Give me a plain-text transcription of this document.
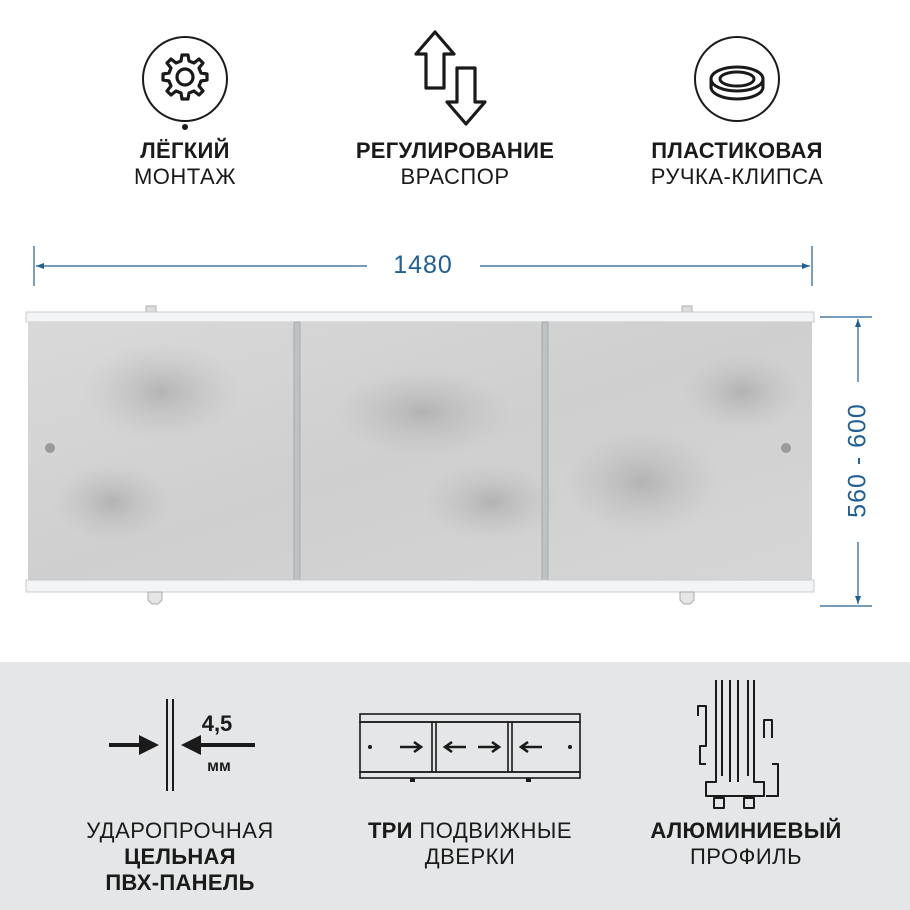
ЛЁГКИЙ
МОНТАЖ
РЕГУЛИРОВАНИЕ
ВРАСПОР
ПЛАСТИКОВАЯ
РУЧКА-КЛИПСА
1480
560 - 600
4,5
мм
УДАРОПРОЧНАЯ
ЦЕЛЬНАЯ
ПВХ-ПАНЕЛЬ
ТРИ ПОДВИЖНЫЕ
ДВЕРКИ
АЛЮМИНИЕВЫЙ
ПРОФИЛЬ
